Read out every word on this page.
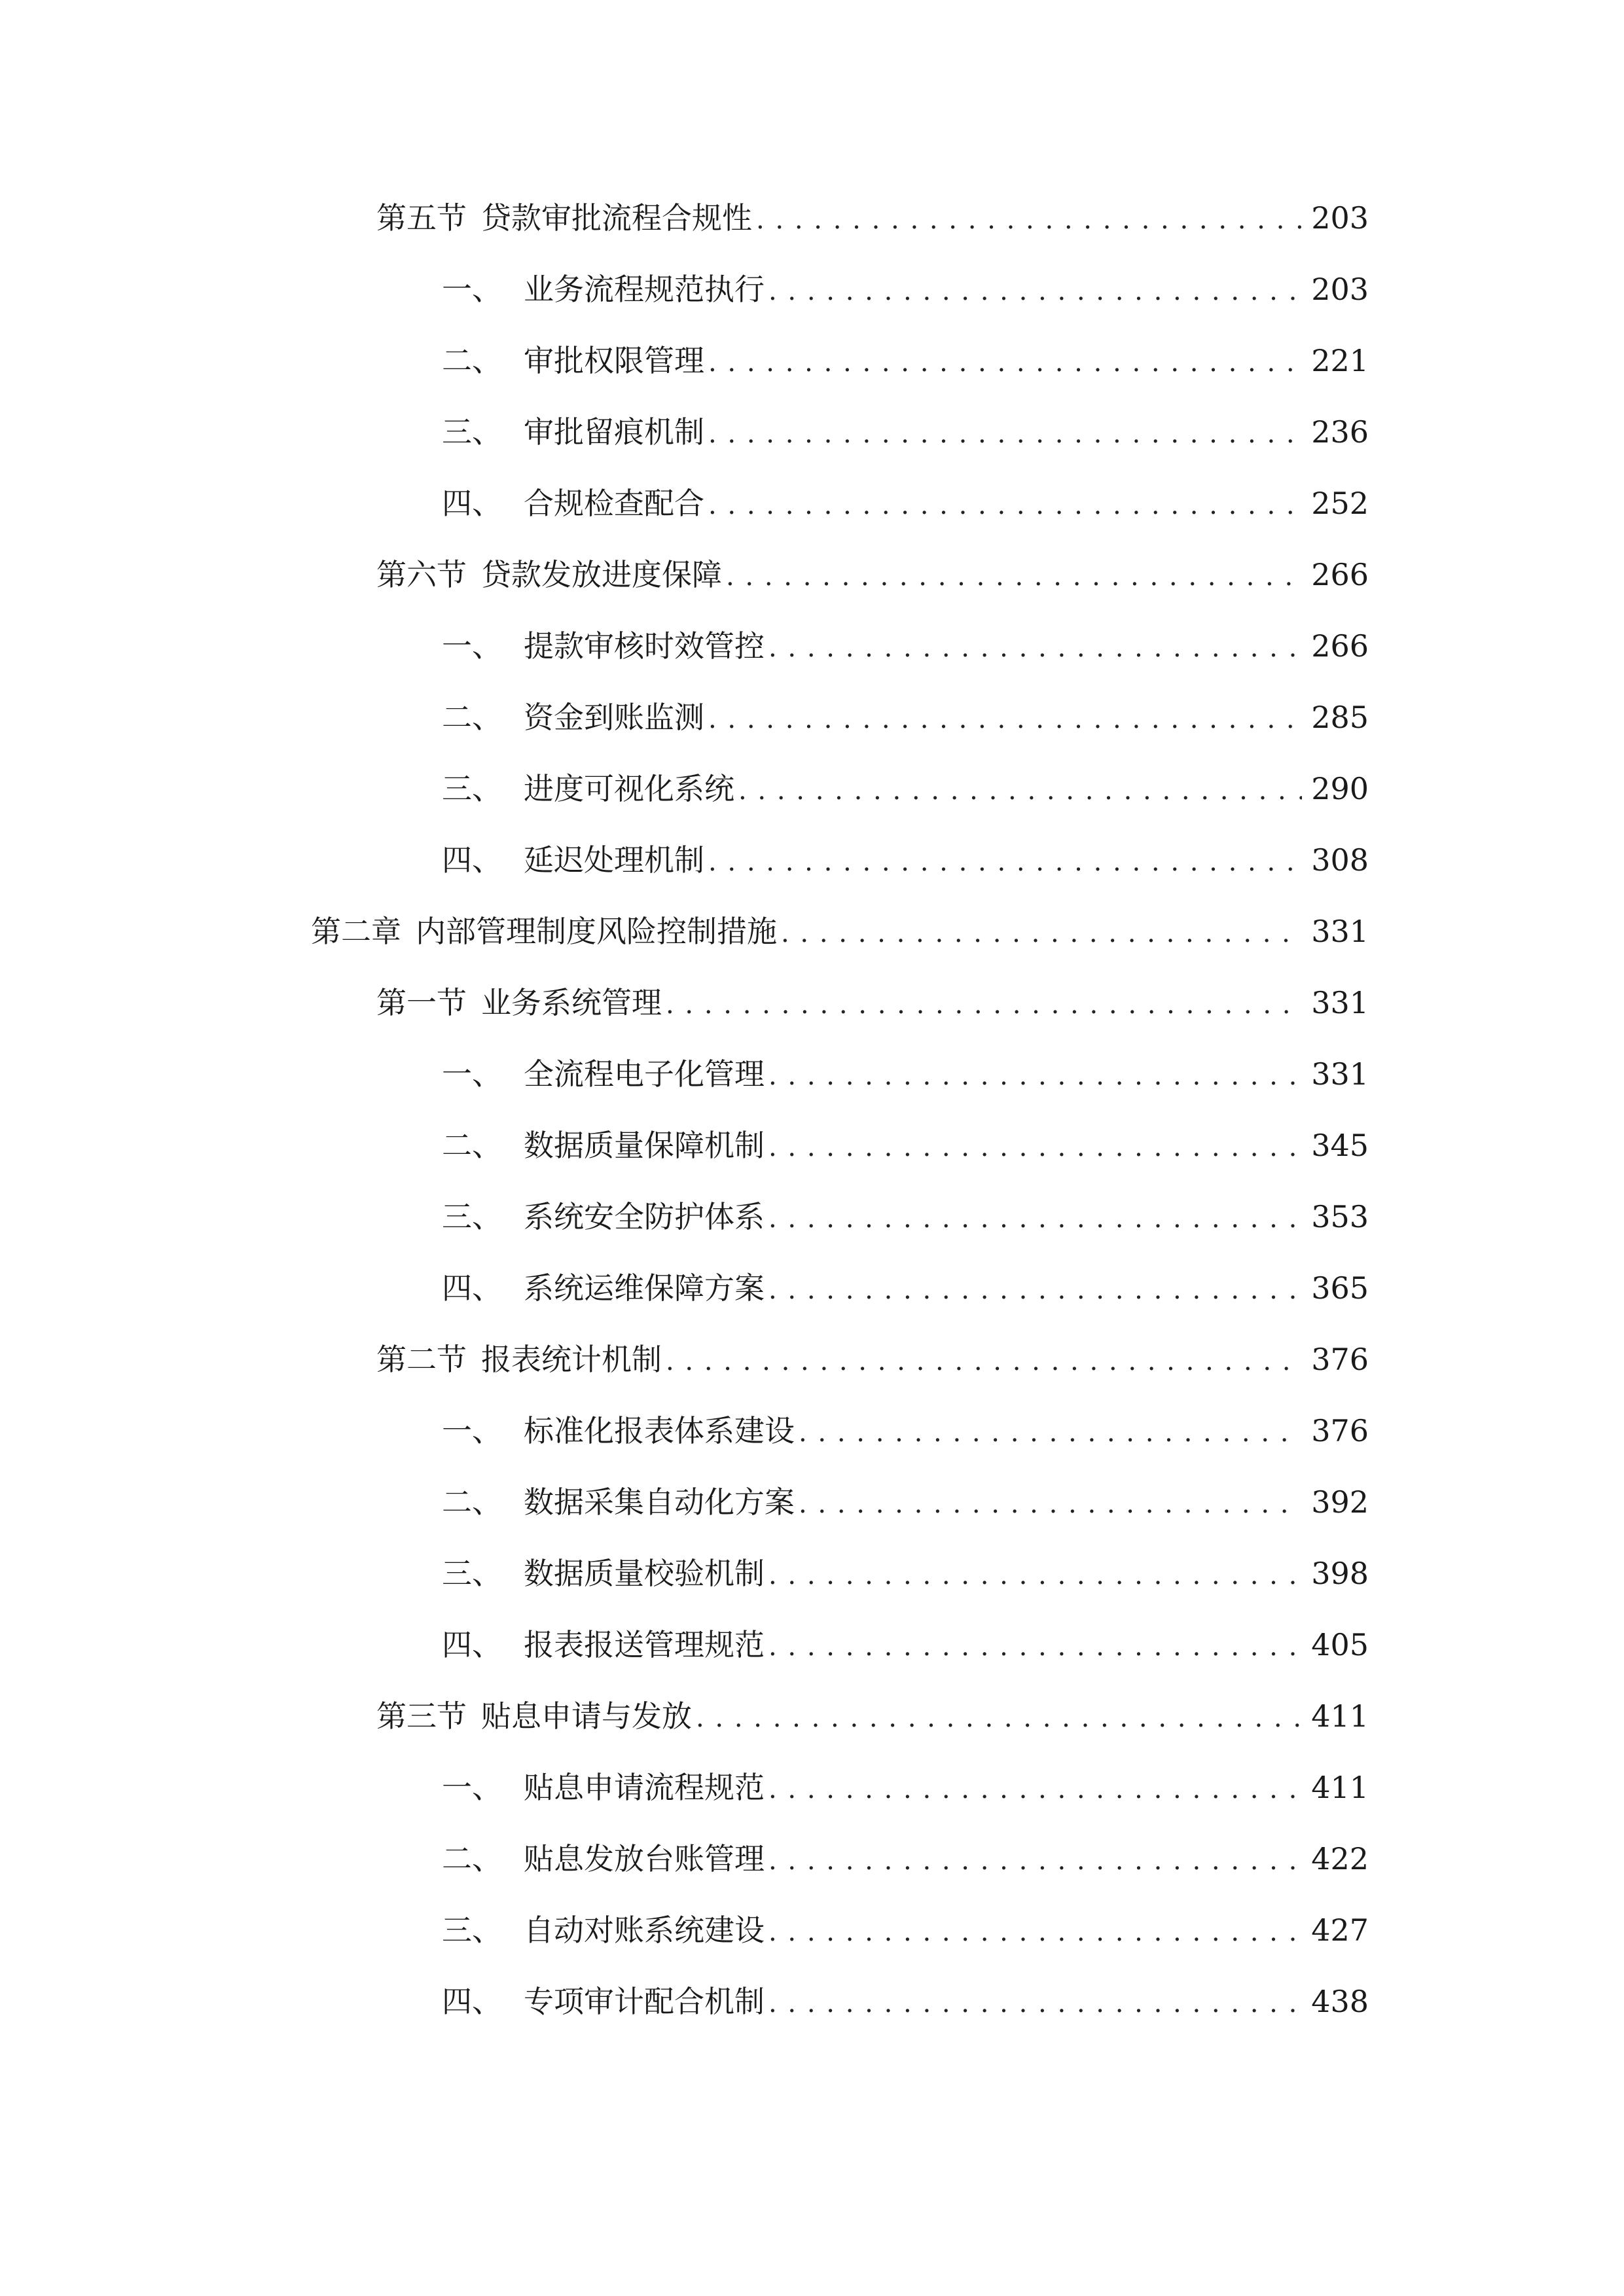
第五节 贷款审批流程合规性 . . .	203
一、 业务流程规范执行 . . .	203
二、 审批权限管理 . . .	221
三、 审批留痕机制 . . .	236
四、 合规检查配合 . . .	252
第六节 贷款发放进度保障 . . .	266
一、 提款审核时效管控 . . .	266
二、 资金到账监测 . . .	285
三、 进度可视化系统 . . .	290
四、 延迟处理机制 . . .	308
第二章 内部管理制度风险控制措施 . . .	331
第一节 业务系统管理 . . .	331
一、 全流程电子化管理 . . .	331
二、 数据质量保障机制 . . .	345
三、 系统安全防护体系 . . .	353
四、 系统运维保障方案 . . .	365
第二节 报表统计机制 . . .	376
一、 标准化报表体系建设 . . .	376
二、 数据采集自动化方案 . . .	392
三、 数据质量校验机制 . . .	398
四、 报表报送管理规范 . . .	405
第三节 贴息申请与发放 . . .	411
一、 贴息申请流程规范 . . .	411
二、 贴息发放台账管理 . . .	422
三、 自动对账系统建设 . . .	427
四、 专项审计配合机制 . . .	438
